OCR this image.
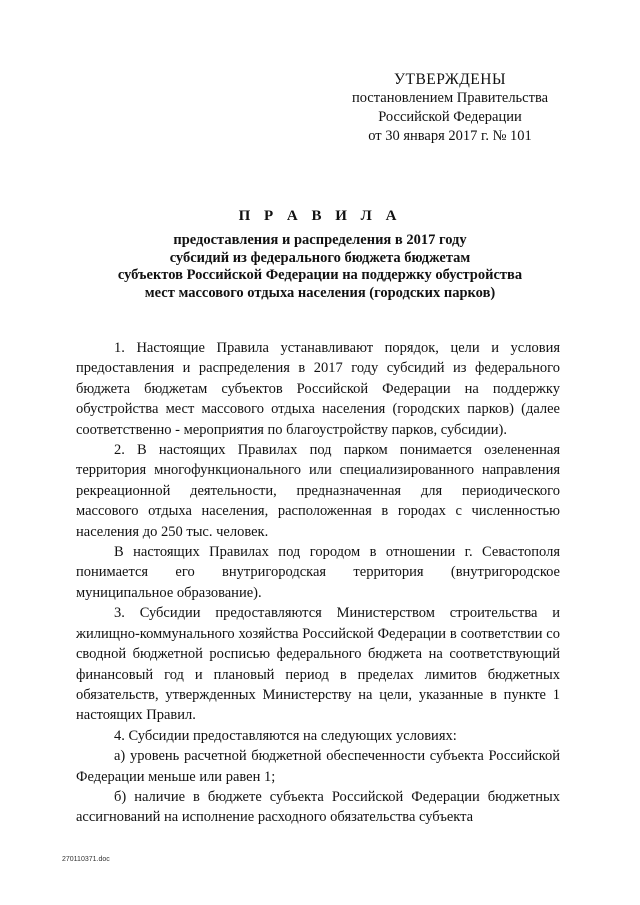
УТВЕРЖДЕНЫ
постановлением Правительства
Российской Федерации
от 30 января 2017 г. № 101
П Р А В И Л А
предоставления и распределения в 2017 году
субсидий из федерального бюджета бюджетам
субъектов Российской Федерации на поддержку обустройства
мест массового отдыха населения (городских парков)

1. Настоящие Правила устанавливают порядок, цели и условия предоставления и распределения в 2017 году субсидий из федерального бюджета бюджетам субъектов Российской Федерации на поддержку обустройства мест массового отдыха населения (городских парков) (далее соответственно - мероприятия по благоустройству парков, субсидии).

2. В настоящих Правилах под парком понимается озелененная территория многофункционального или специализированного направления рекреационной деятельности, предназначенная для периодического массового отдыха населения, расположенная в городах с численностью населения до 250 тыс. человек.

В настоящих Правилах под городом в отношении г. Севастополя понимается его внутригородская территория (внутригородское муниципальное образование).

3. Субсидии предоставляются Министерством строительства и жилищно-коммунального хозяйства Российской Федерации в соответствии со сводной бюджетной росписью федерального бюджета на соответствующий финансовый год и плановый период в пределах лимитов бюджетных обязательств, утвержденных Министерству на цели, указанные в пункте 1 настоящих Правил.

4. Субсидии предоставляются на следующих условиях:

а) уровень расчетной бюджетной обеспеченности субъекта Российской Федерации меньше или равен 1;

б) наличие в бюджете субъекта Российской Федерации бюджетных ассигнований на исполнение расходного обязательства субъекта

270110371.doc
